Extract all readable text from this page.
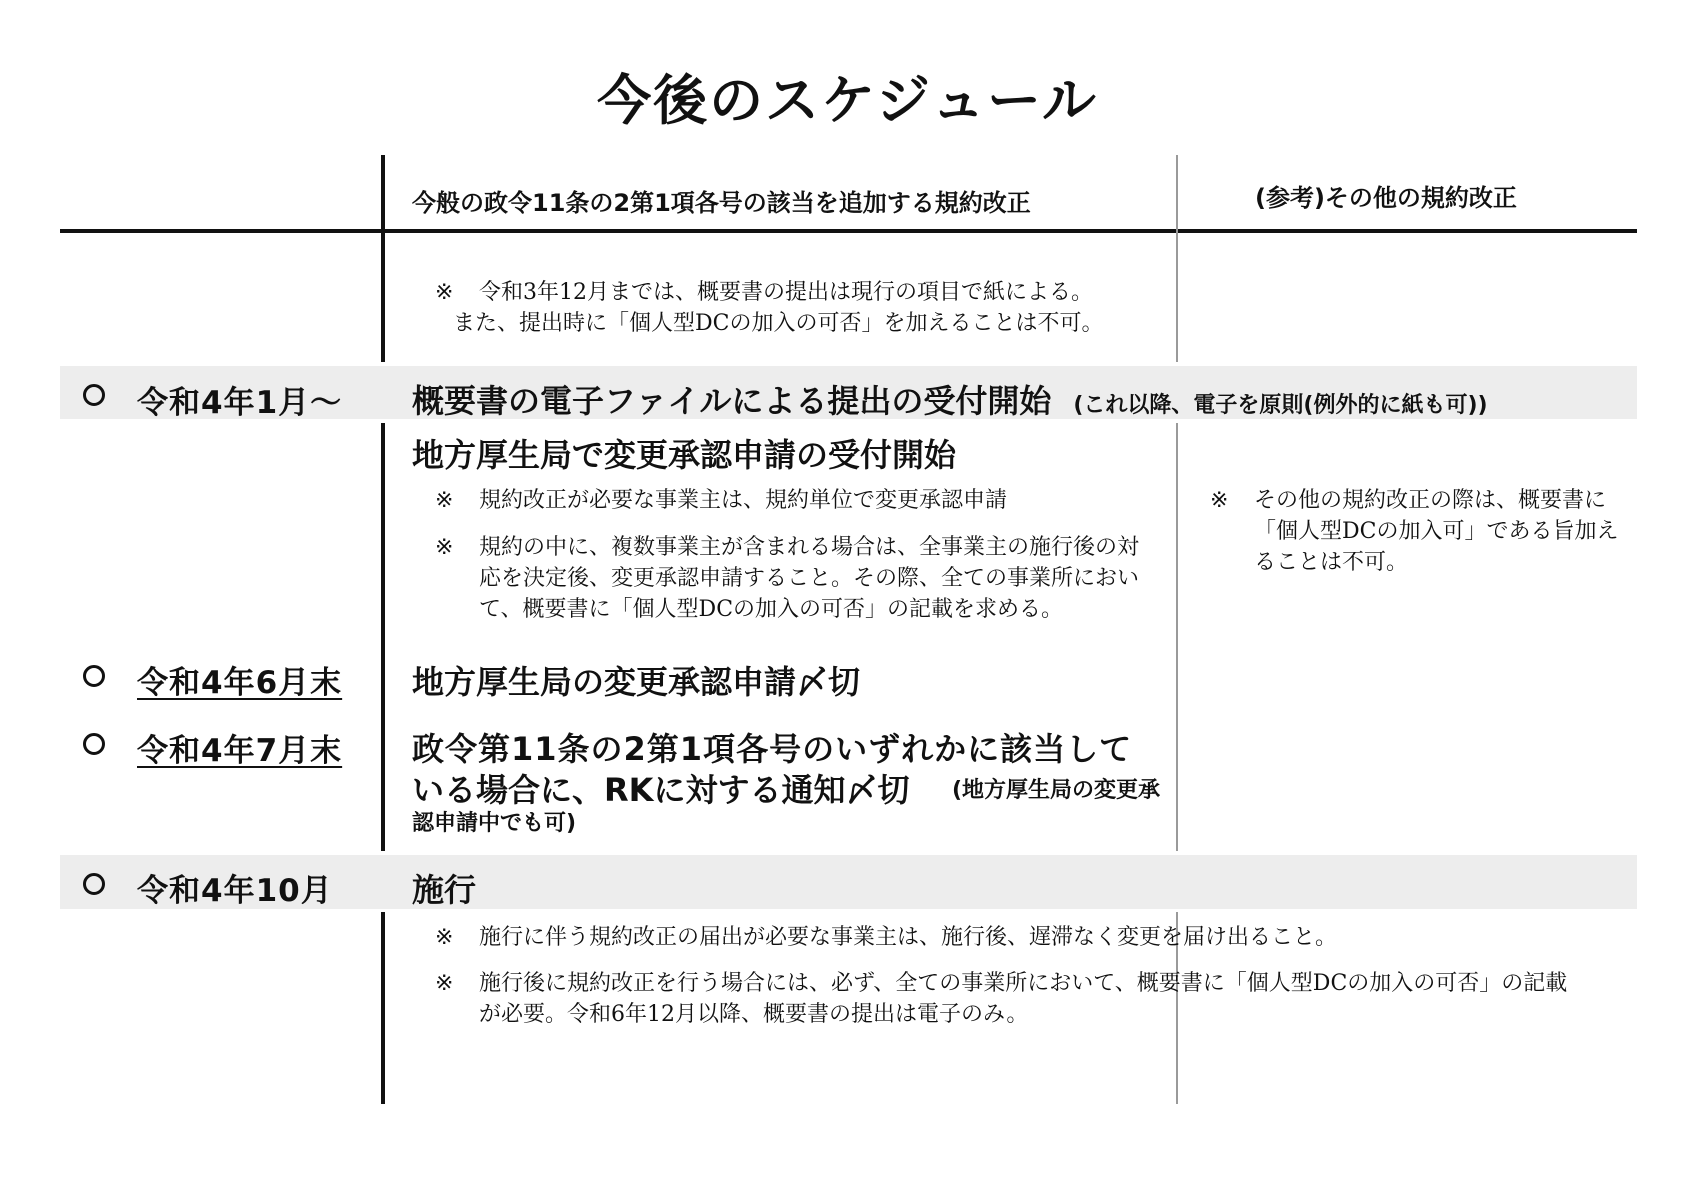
今後のスケジュール
今般の政令11条の2第1項各号の該当を追加する規約改正	(参考)その他の規約改正
※	令和3年12月までは、概要書の提出は現行の項目で紙による。
また、提出時に「個人型DCの加入の可否」を加えることは不可。
令和4年1月～ 概要書の電子ファイルによる提出の受付開始 (これ以降、電子を原則(例外的に紙も可))
地方厚生局で変更承認申請の受付開始
※	規約改正が必要な事業主は、規約単位で変更承認申請
※	規約の中に、複数事業主が含まれる場合は、全事業主の施行後の対応を決定後、変更承認申請すること。その際、全ての事業所において、概要書に「個人型DCの加入の可否」の記載を求める。
※	その他の規約改正の際は、概要書に「個人型DCの加入可」である旨加えることは不可。
令和4年6月末 地方厚生局の変更承認申請〆切
令和4年7月末 政令第11条の2第1項各号のいずれかに該当して
いる場合に、RKに対する通知〆切	(地方厚生局の変更承認申請中でも可)
令和4年10月 施行
※	施行に伴う規約改正の届出が必要な事業主は、施行後、遅滞なく変更を届け出ること。
※	施行後に規約改正を行う場合には、必ず、全ての事業所において、概要書に「個人型DCの加入の可否」の記載が必要。令和6年12月以降、概要書の提出は電子のみ。
